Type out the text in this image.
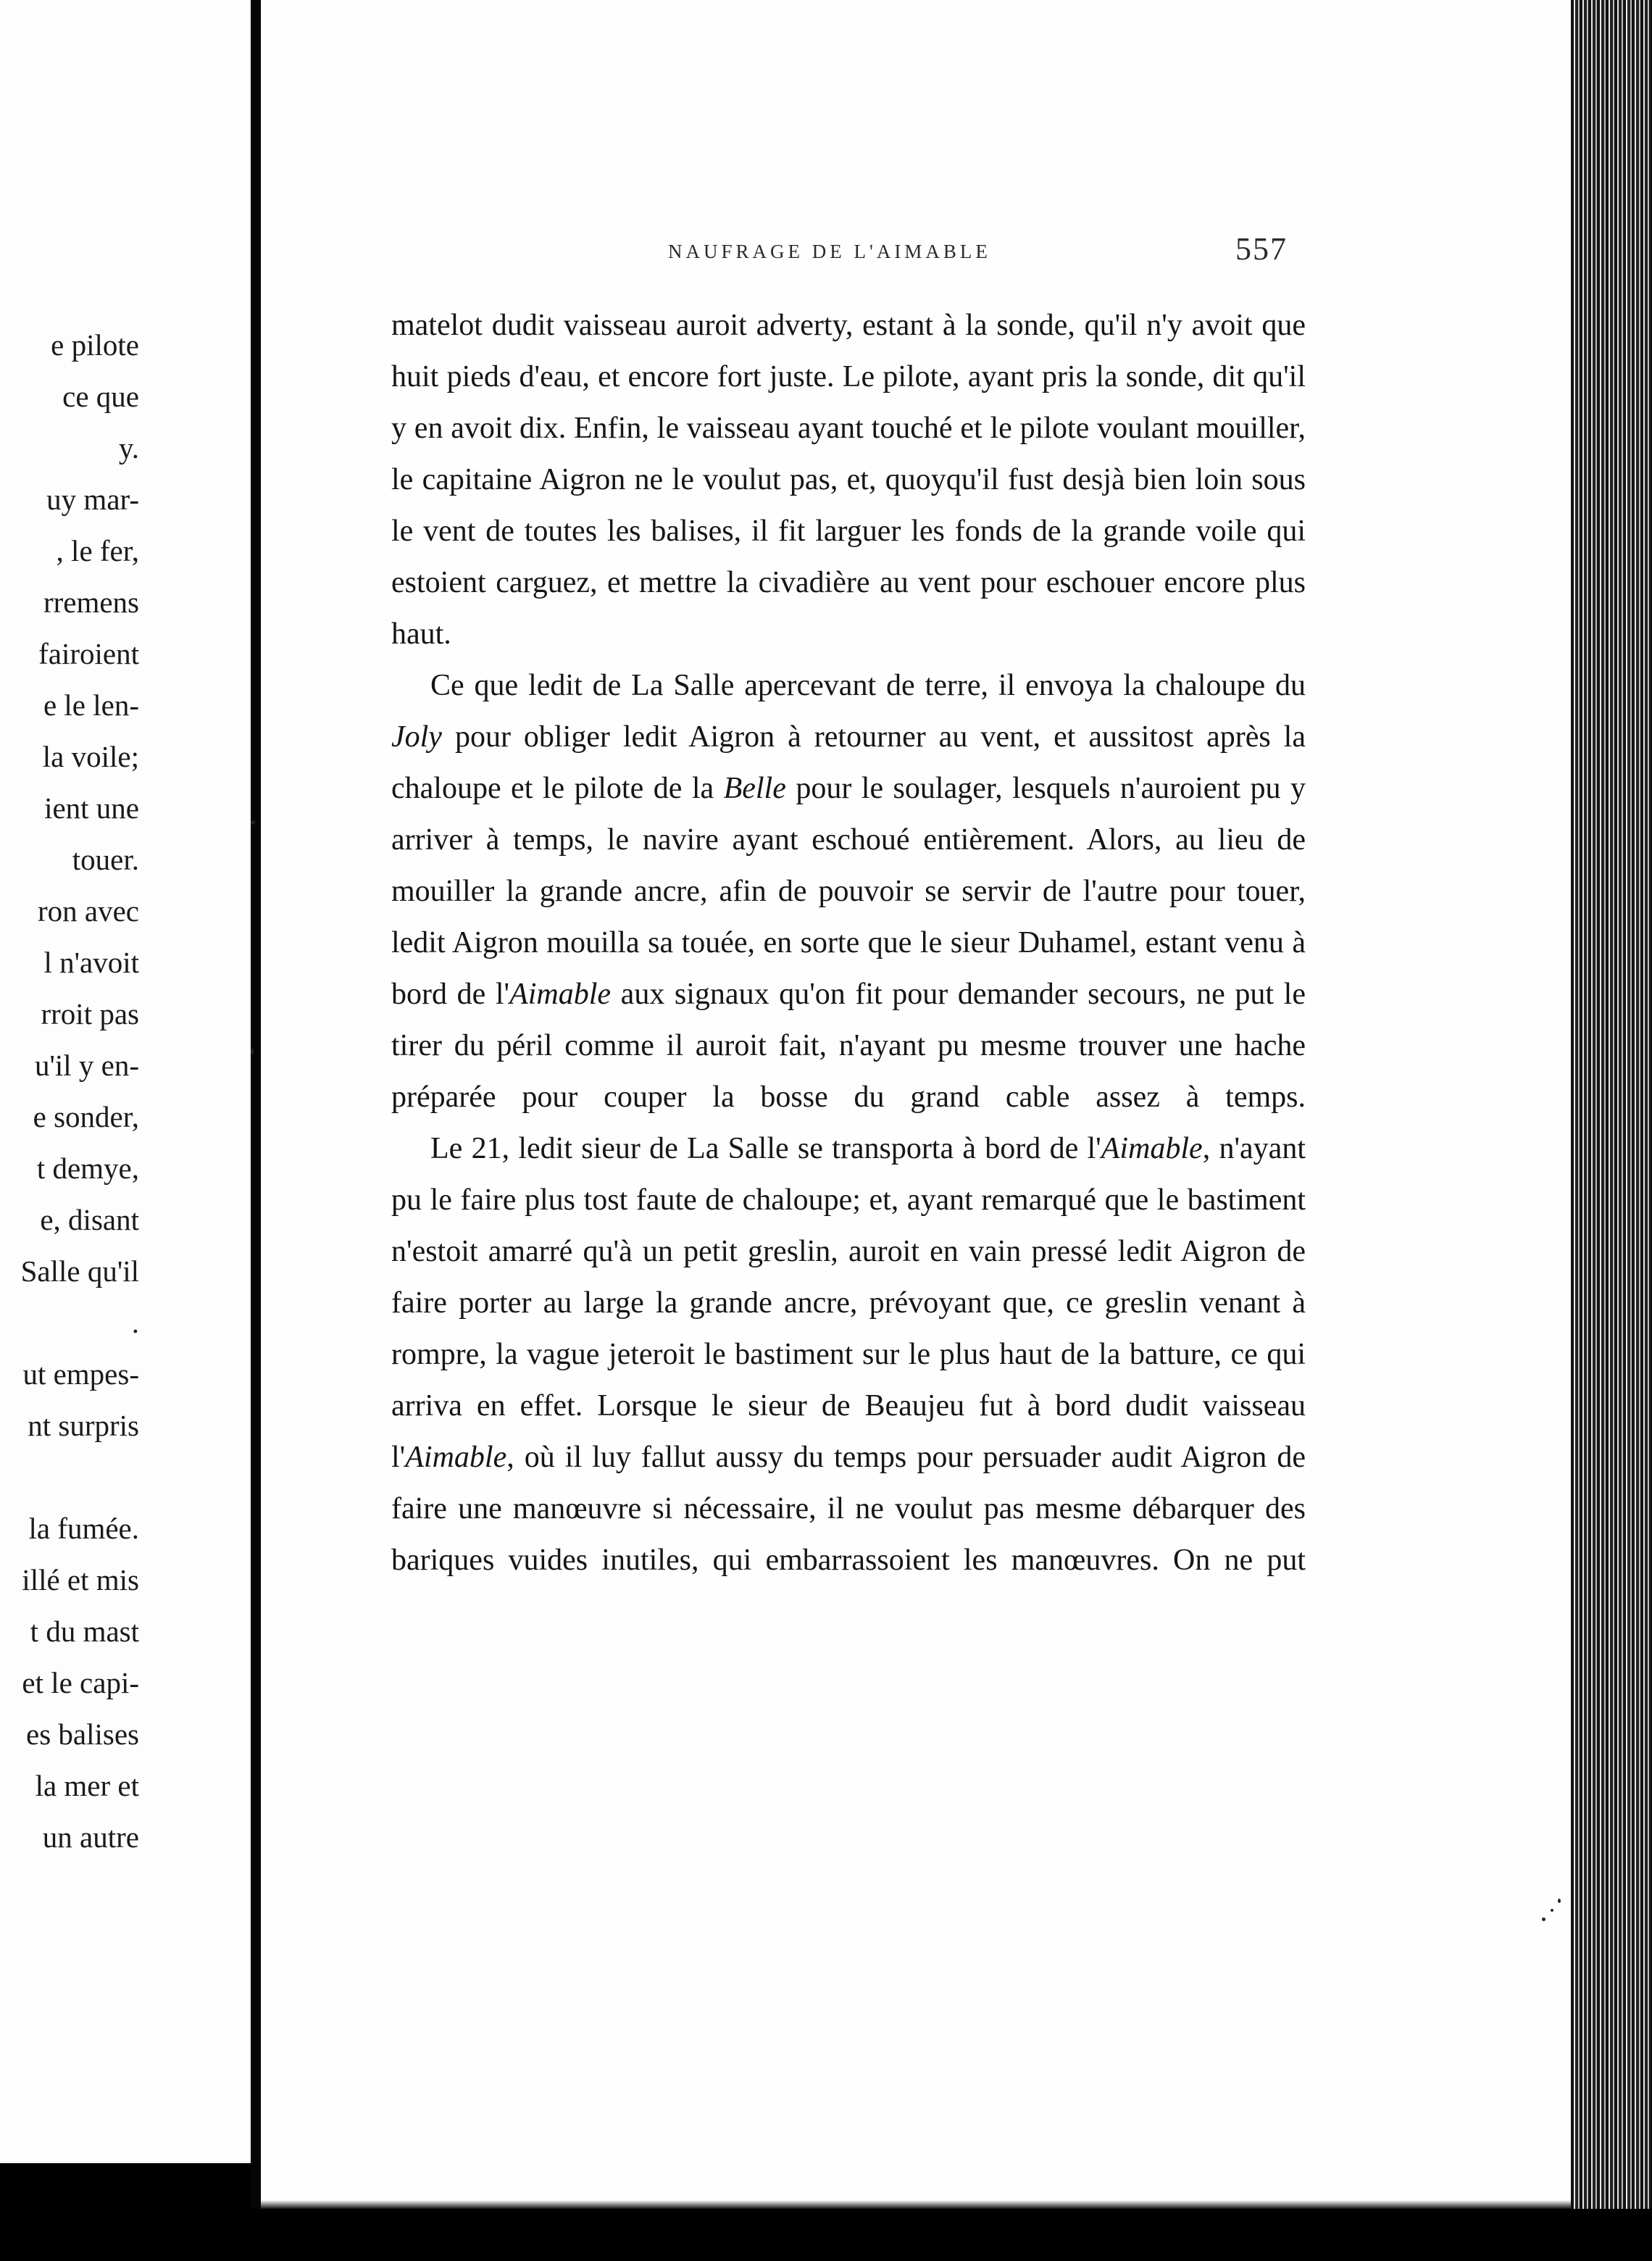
e pilote
ce que
y.
uy mar-
, le fer,
rremens
fairoient
e le len-
la voile;
ient une
touer.
ron avec
l n'avoit
rroit pas
u'il y en-
e sonder,
t demye,
e, disant
Salle qu'il
.
ut empes-
nt surpris
la fumée.
illé et mis
t du mast
et le capi-
es balises
la mer et
un autre
NAUFRAGE DE L'AIMABLE	557

matelot dudit vaisseau auroit adverty, estant à la sonde, qu'il n'y avoit que huit pieds d'eau, et encore fort juste. Le pilote, ayant pris la sonde, dit qu'il y en avoit dix. Enfin, le vaisseau ayant touché et le pilote voulant mouiller, le capitaine Aigron ne le voulut pas, et, quoyqu'il fust desjà bien loin sous le vent de toutes les balises, il fit larguer les fonds de la grande voile qui estoient carguez, et mettre la civadière au vent pour eschouer encore plus haut.

Ce que ledit de La Salle apercevant de terre, il envoya la chaloupe du Joly pour obliger ledit Aigron à retourner au vent, et aussitost après la chaloupe et le pilote de la Belle pour le soulager, lesquels n'auroient pu y arriver à temps, le navire ayant eschoué entièrement. Alors, au lieu de mouiller la grande ancre, afin de pouvoir se servir de l'autre pour touer, ledit Aigron mouilla sa touée, en sorte que le sieur Duhamel, estant venu à bord de l'Aimable aux signaux qu'on fit pour demander secours, ne put le tirer du péril comme il auroit fait, n'ayant pu mesme trouver une hache préparée pour couper la bosse du grand cable assez à temps.

Le 21, ledit sieur de La Salle se transporta à bord de l'Aimable, n'ayant pu le faire plus tost faute de chaloupe; et, ayant remarqué que le bastiment n'estoit amarré qu'à un petit greslin, auroit en vain pressé ledit Aigron de faire porter au large la grande ancre, prévoyant que, ce greslin venant à rompre, la vague jeteroit le bastiment sur le plus haut de la batture, ce qui arriva en effet. Lorsque le sieur de Beaujeu fut à bord dudit vaisseau l'Aimable, où il luy fallut aussy du temps pour persuader audit Aigron de faire une manœuvre si nécessaire, il ne voulut pas mesme débarquer des bariques vuides inutiles, qui embarrassoient les manœuvres. On ne put
